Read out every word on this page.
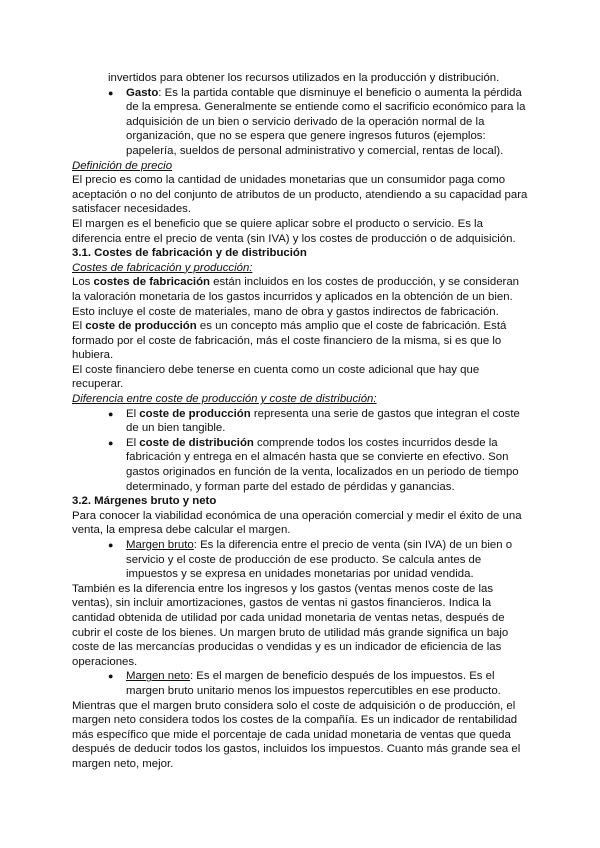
invertidos para obtener los recursos utilizados en la producción y distribución.

● Gasto: Es la partida contable que disminuye el beneficio o aumenta la pérdida de la empresa. Generalmente se entiende como el sacrificio económico para la adquisición de un bien o servicio derivado de la operación normal de la organización, que no se espera que genere ingresos futuros (ejemplos: papelería, sueldos de personal administrativo y comercial, rentas de local).

Definición de precio

El precio es como la cantidad de unidades monetarias que un consumidor paga como aceptación o no del conjunto de atributos de un producto, atendiendo a su capacidad para satisfacer necesidades.

El margen es el beneficio que se quiere aplicar sobre el producto o servicio. Es la diferencia entre el precio de venta (sin IVA) y los costes de producción o de adquisición.

3.1. Costes de fabricación y de distribución

Costes de fabricación y producción:

Los costes de fabricación están incluidos en los costes de producción, y se consideran la valoración monetaria de los gastos incurridos y aplicados en la obtención de un bien. Esto incluye el coste de materiales, mano de obra y gastos indirectos de fabricación.

El coste de producción es un concepto más amplio que el coste de fabricación. Está formado por el coste de fabricación, más el coste financiero de la misma, si es que lo hubiera.

El coste financiero debe tenerse en cuenta como un coste adicional que hay que recuperar.

Diferencia entre coste de producción y coste de distribución:

● El coste de producción representa una serie de gastos que integran el coste de un bien tangible.
● El coste de distribución comprende todos los costes incurridos desde la fabricación y entrega en el almacén hasta que se convierte en efectivo. Son gastos originados en función de la venta, localizados en un periodo de tiempo determinado, y forman parte del estado de pérdidas y ganancias.

3.2. Márgenes bruto y neto

Para conocer la viabilidad económica de una operación comercial y medir el éxito de una venta, la empresa debe calcular el margen.

● Margen bruto: Es la diferencia entre el precio de venta (sin IVA) de un bien o servicio y el coste de producción de ese producto. Se calcula antes de impuestos y se expresa en unidades monetarias por unidad vendida.

También es la diferencia entre los ingresos y los gastos (ventas menos coste de las ventas), sin incluir amortizaciones, gastos de ventas ni gastos financieros. Indica la cantidad obtenida de utilidad por cada unidad monetaria de ventas netas, después de cubrir el coste de los bienes. Un margen bruto de utilidad más grande significa un bajo coste de las mercancías producidas o vendidas y es un indicador de eficiencia de las operaciones.

● Margen neto: Es el margen de beneficio después de los impuestos. Es el margen bruto unitario menos los impuestos repercutibles en ese producto.

Mientras que el margen bruto considera solo el coste de adquisición o de producción, el margen neto considera todos los costes de la compañía. Es un indicador de rentabilidad más específico que mide el porcentaje de cada unidad monetaria de ventas que queda después de deducir todos los gastos, incluidos los impuestos. Cuanto más grande sea el margen neto, mejor.
